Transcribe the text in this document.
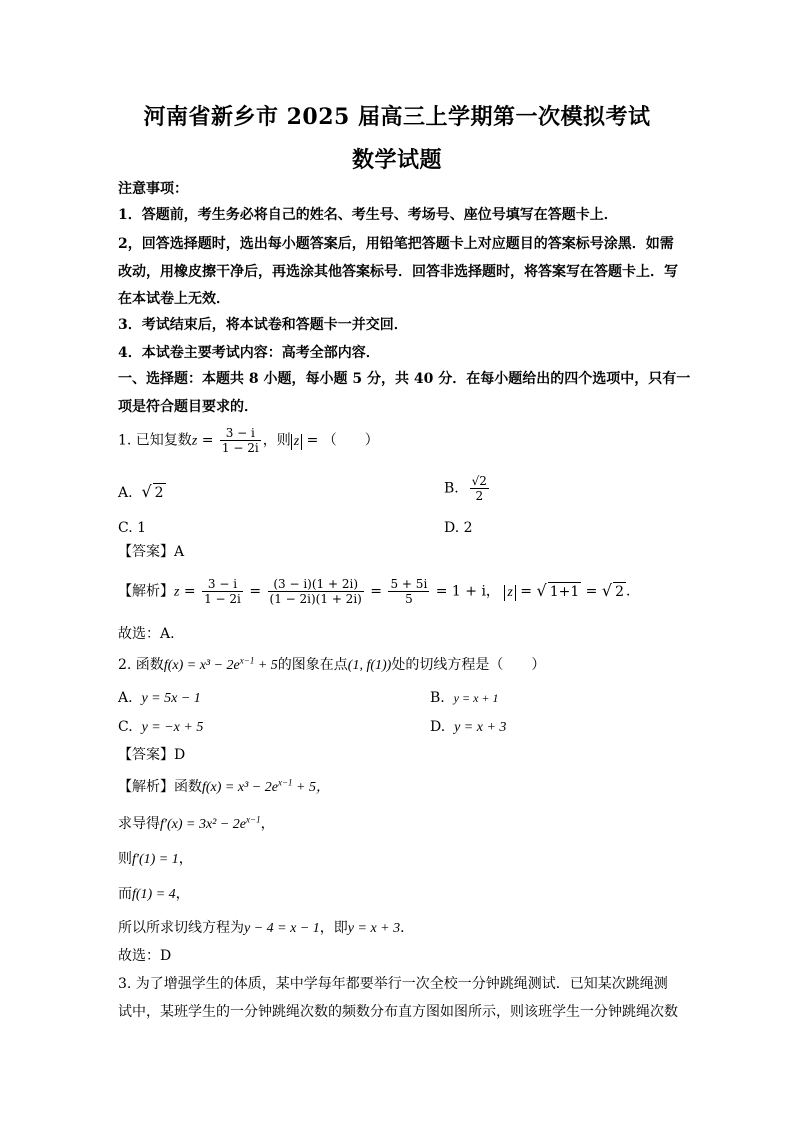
河南省新乡市 2025 届高三上学期第一次模拟考试
数学试题
注意事项：
1．答题前，考生务必将自己的姓名、考生号、考场号、座位号填写在答题卡上．
2，回答选择题时，选出每小题答案后，用铅笔把答题卡上对应题目的答案标号涂黑．如需
改动，用橡皮擦干净后，再选涂其他答案标号．回答非选择题时，将答案写在答题卡上．写
在本试卷上无效．
3．考试结束后，将本试卷和答题卡一并交回．
4．本试卷主要考试内容：高考全部内容．
一、选择题：本题共 8 小题，每小题 5 分，共 40 分．在每小题给出的四个选项中，只有一
项是符合题目要求的．
1. 已知复数$z = \frac{3 - i}{1 - 2i}$ ，则 z = （　　）
A. √ 2	B. $\frac{√2}{2}$
C. 1	D. 2
【答案】A
【解析】$z = \frac{3 - i}{1 - 2i} = \frac{(3 - i)(1 + 2i)}{(1 - 2i)(1 + 2i)} = \frac{5 + 5i}{5} = 1 + i$， z = √ 1+1 = √ 2 ．
故选：A.
2. 函数$f(x) = x^3 - 2e^{x-1} + 5$的图象在点(1, f(1))处的切线方程是（　　）
A. y = 5x − 1	B. y = x + 1
C. y = −x + 5	D. y = x + 3
【答案】D
【解析】函数$f(x) = x^3 - 2e^{x-1} + 5$，
求导得$f'(x) = 3x^2 - 2e^{x-1}$，
则f′(1) = 1，
而f(1) = 4，
所以所求切线方程为y − 4 = x − 1，即y = x + 3．
故选：D
3. 为了增强学生的体质，某中学每年都要举行一次全校一分钟跳绳测试．已知某次跳绳测
试中，某班学生的一分钟跳绳次数的频数分布直方图如图所示，则该班学生一分钟跳绳次数
